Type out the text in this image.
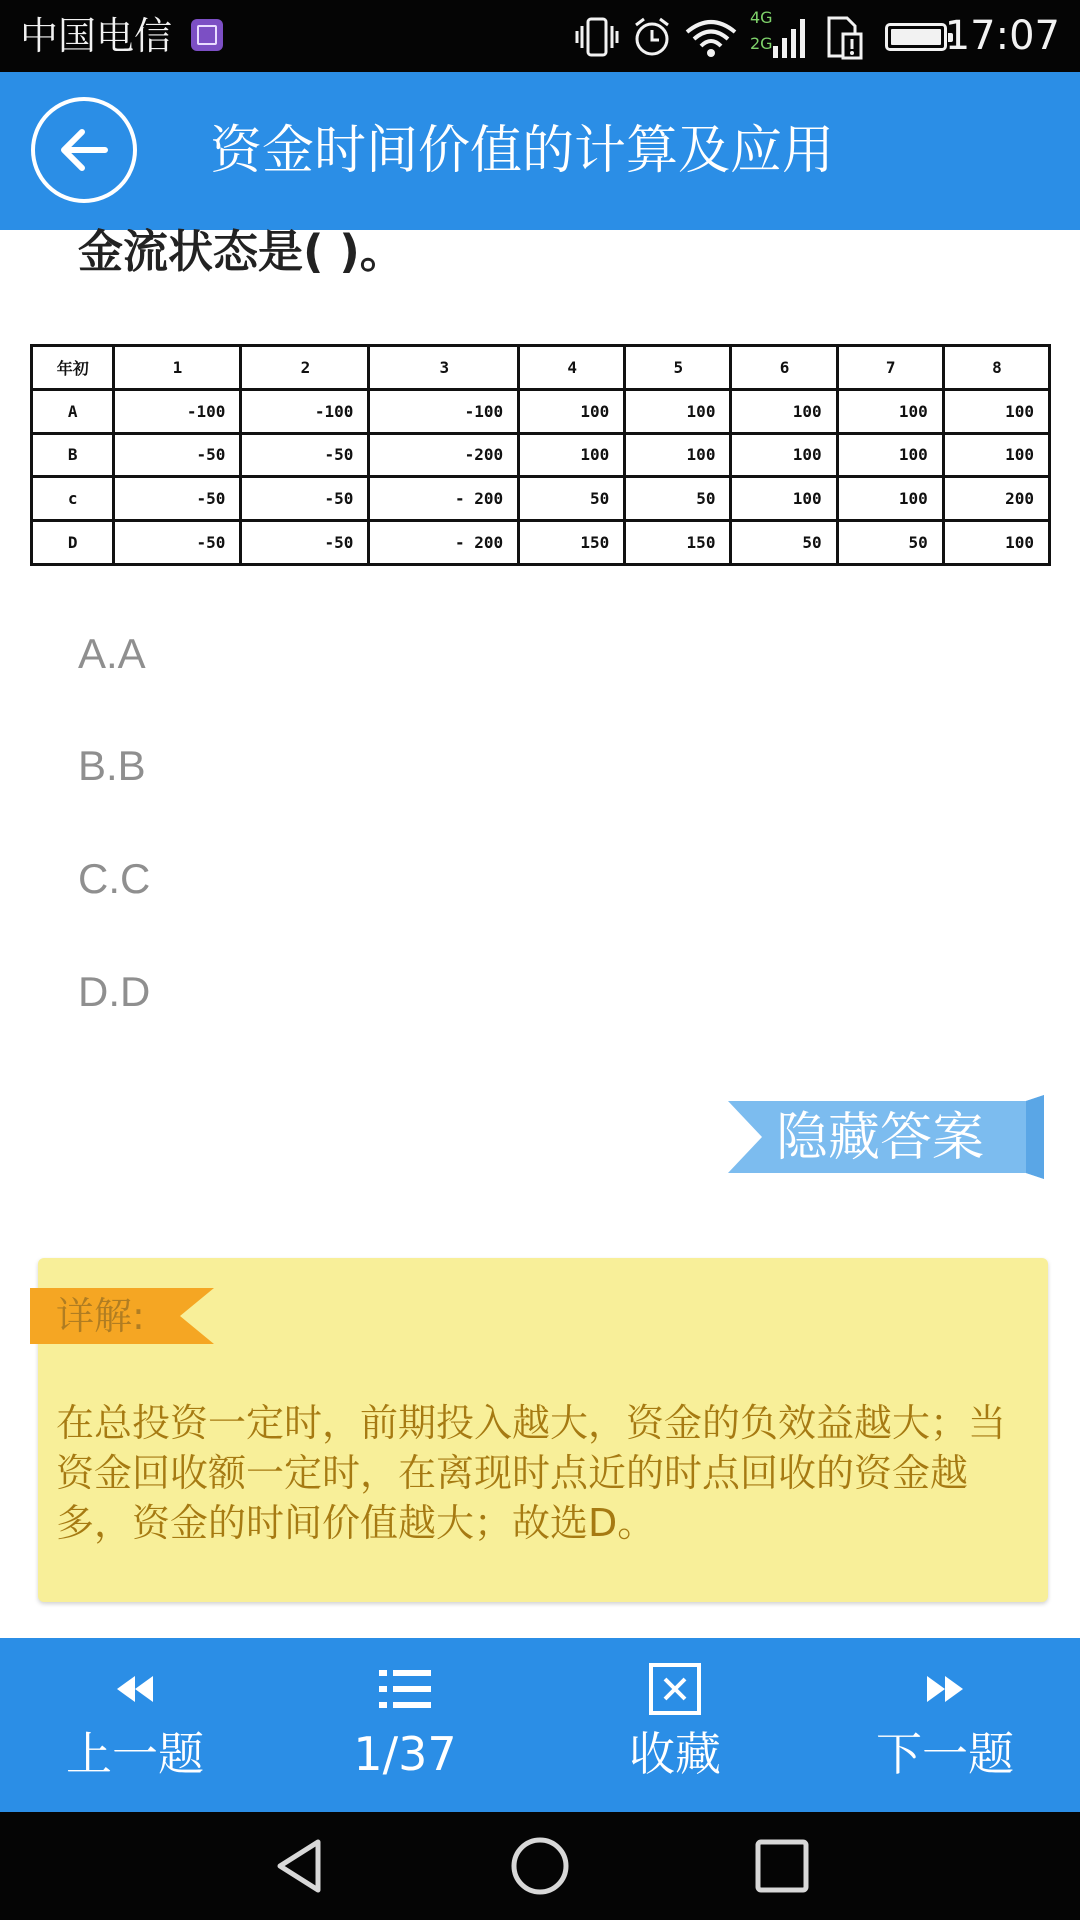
中国电信	4G
2G	17:07
资金时间价值的计算及应用
金流状态是( )。
年初	1	2	3	4	5	6	7	8
A	-100	-100	-100	100	100	100	100	100
B	-50	-50	-200	100	100	100	100	100
c	-50	-50	- 200	50	50	100	100	200
D	-50	-50	- 200	150	150	50	50	100
A.A
B.B
C.C
D.D
隐藏答案
详解:
在总投资一定时，前期投入越大，资金的负效益越大；当资金回收额一定时，在离现时点近的时点回收的资金越多，资金的时间价值越大；故选D。
上一题	1/37	收藏	下一题
